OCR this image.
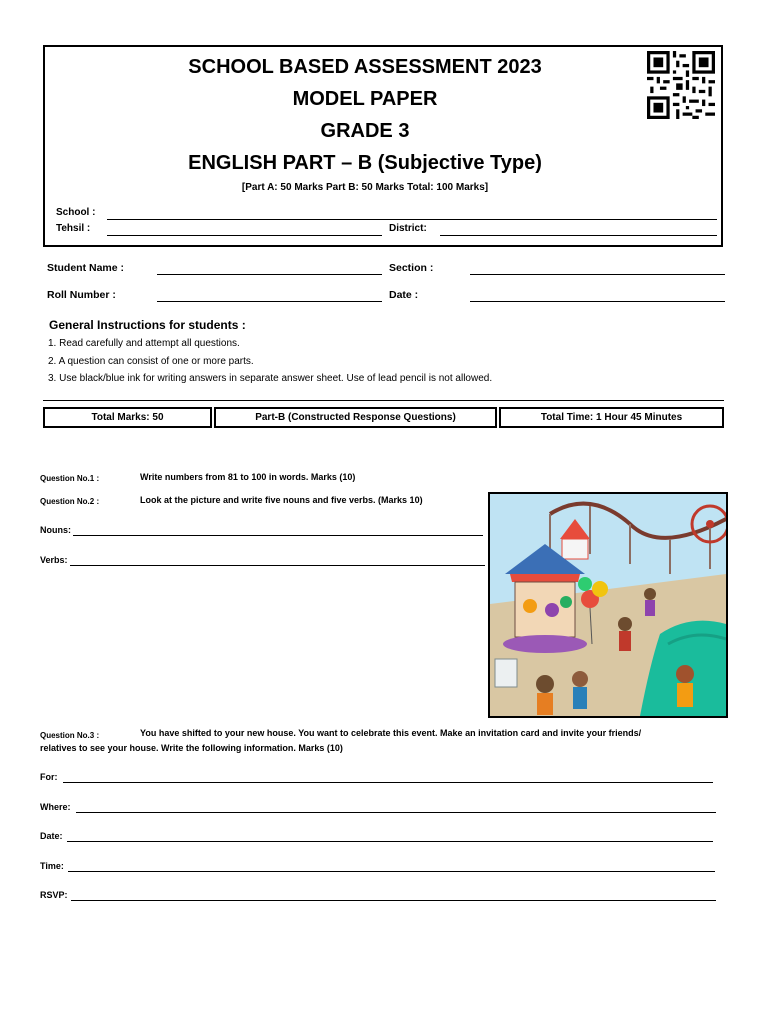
SCHOOL BASED ASSESSMENT 2023
MODEL PAPER
GRADE 3
ENGLISH PART – B (Subjective Type)
[Part A: 50 Marks Part B: 50 Marks Total: 100 Marks]
School :
Tehsil :	District:
Student Name :	Section :
Roll Number :	Date :
General Instructions for students :
1. Read carefully and attempt all questions.
2. A question can consist of one or more parts.
3. Use black/blue ink for writing answers in separate answer sheet. Use of lead pencil is not allowed.
Total Marks: 50	Part-B (Constructed Response Questions)	Total Time: 1 Hour 45 Minutes
Question No.1 :	Write numbers from 81 to 100 in words. Marks (10)
Question No.2 :	Look at the picture and write five nouns and five verbs. (Marks 10)
Nouns:
Verbs:
Question No.3 :	You have shifted to your new house. You want to celebrate this event. Make an invitation card and invite your friends/
relatives to see your house. Write the following information. Marks (10)
For:
Where:
Date:
Time:
RSVP:
